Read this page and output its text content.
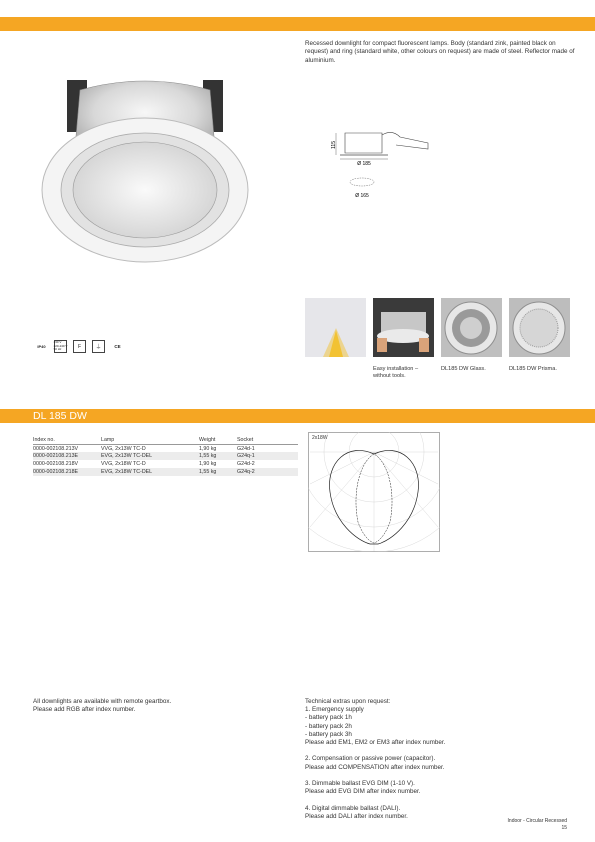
Recessed downlight for compact fluorescent lamps. Body (standard zink, painted black on request) and ring (standard white, other colours on request) are made of steel. Reflector made of aluminium.
115
Ø 185
Ø 165
IP40
230 V
220-240 V
50 Hz	F	⏚	CE
Easy installation –
without tools.
DL185 DW Glass.	DL185 DW Prisma.
DL 185 DW
Index no.	Lamp	Weight	Socket
0000-002108.213V	VVG, 2x13W TC-D	1,90 kg	G24d-1
0000-002108.213E	EVG, 2x13W TC-DEL	1,55 kg	G24q-1
0000-002108.218V	VVG, 2x18W TC-D	1,90 kg	G24d-2
0000-002108.218E	EVG, 2x18W TC-DEL	1,55 kg	G24q-2
2x18W
All downlights are available with remote geartbox.
Please add RGB after index number.
Technical extras upon request:
1. Emergency supply
- battery pack 1h
- battery pack 2h
- battery pack 3h
Please add EM1, EM2 or EM3 after index number.
2. Compensation or passive power (capacitor).
Please add COMPENSATION after index number.
3. Dimmable ballast EVG DIM (1-10 V).
Please add EVG DIM after index number.
4. Digital dimmable ballast (DALI).
Please add DALI after index number.
Indoor - Circular Recessed
15
